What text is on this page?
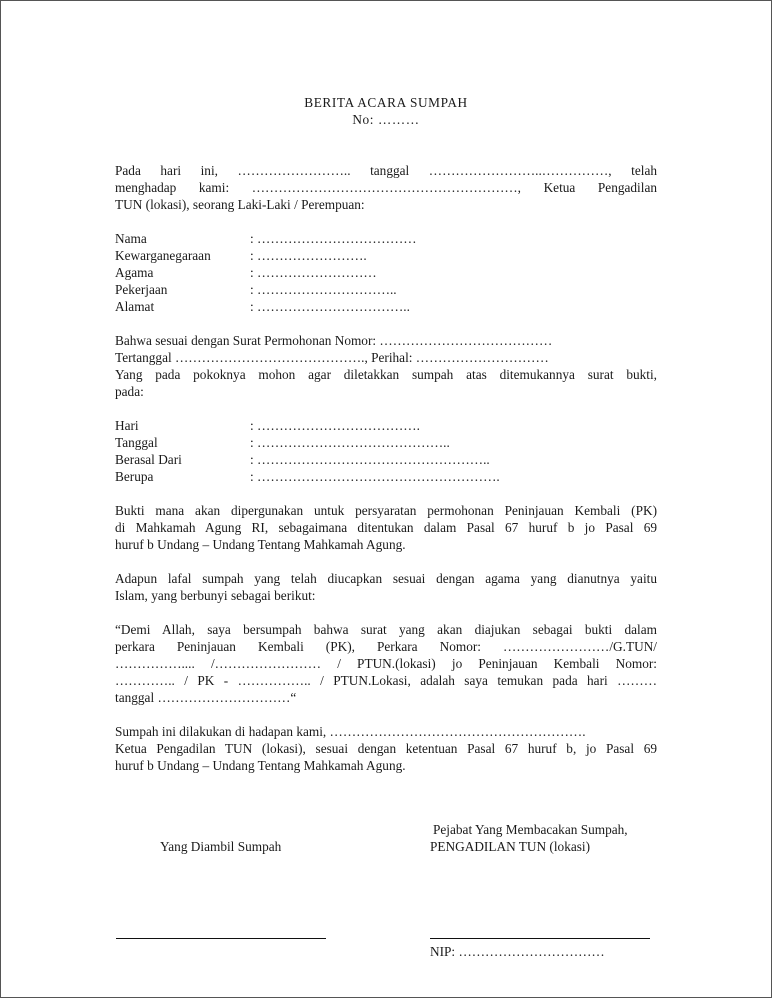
BERITA ACARA SUMPAH
No: ………
Pada hari ini, …………………….. tanggal ……………………..……………, telah
menghadap kami: ……………………………………………………, Ketua Pengadilan
TUN (lokasi), seorang Laki-Laki / Perempuan:
Nama	: ………………………………
Kewarganegaraan	: …………………….
Agama	: ………………………
Pekerjaan	: …………………………..
Alamat	: ……………………………..
Bahwa sesuai dengan Surat Permohonan Nomor: …………………………………
Tertanggal ……………………………………., Perihal: …………………………
Yang pada pokoknya mohon agar diletakkan sumpah atas ditemukannya surat bukti,
pada:
Hari	: ……………………………….
Tanggal	: ……………………………………..
Berasal Dari	: ……………………………………………..
Berupa	: ……………………………………………….
Bukti mana akan dipergunakan untuk persyaratan permohonan Peninjauan Kembali (PK)
di Mahkamah Agung RI, sebagaimana ditentukan dalam Pasal 67 huruf b jo Pasal 69
huruf b Undang – Undang Tentang Mahkamah Agung.
Adapun lafal sumpah yang telah diucapkan sesuai dengan agama yang dianutnya yaitu
Islam, yang berbunyi sebagai berikut:
“Demi Allah, saya bersumpah bahwa surat yang akan diajukan sebagai bukti dalam
perkara Peninjauan Kembali (PK), Perkara Nomor: ……………………/G.TUN/
…………….... /…………………… / PTUN.(lokasi) jo Peninjauan Kembali Nomor:
………….. / PK - …………….. / PTUN.Lokasi, adalah saya temukan pada hari ………
tanggal …………………………“
Sumpah ini dilakukan di hadapan kami, ………………………………………………….
Ketua Pengadilan TUN (lokasi), sesuai dengan ketentuan Pasal 67 huruf b, jo Pasal 69
huruf b Undang – Undang Tentang Mahkamah Agung.
Yang Diambil Sumpah
Pejabat Yang Membacakan Sumpah,
PENGADILAN TUN (lokasi)
NIP: ……………………………
